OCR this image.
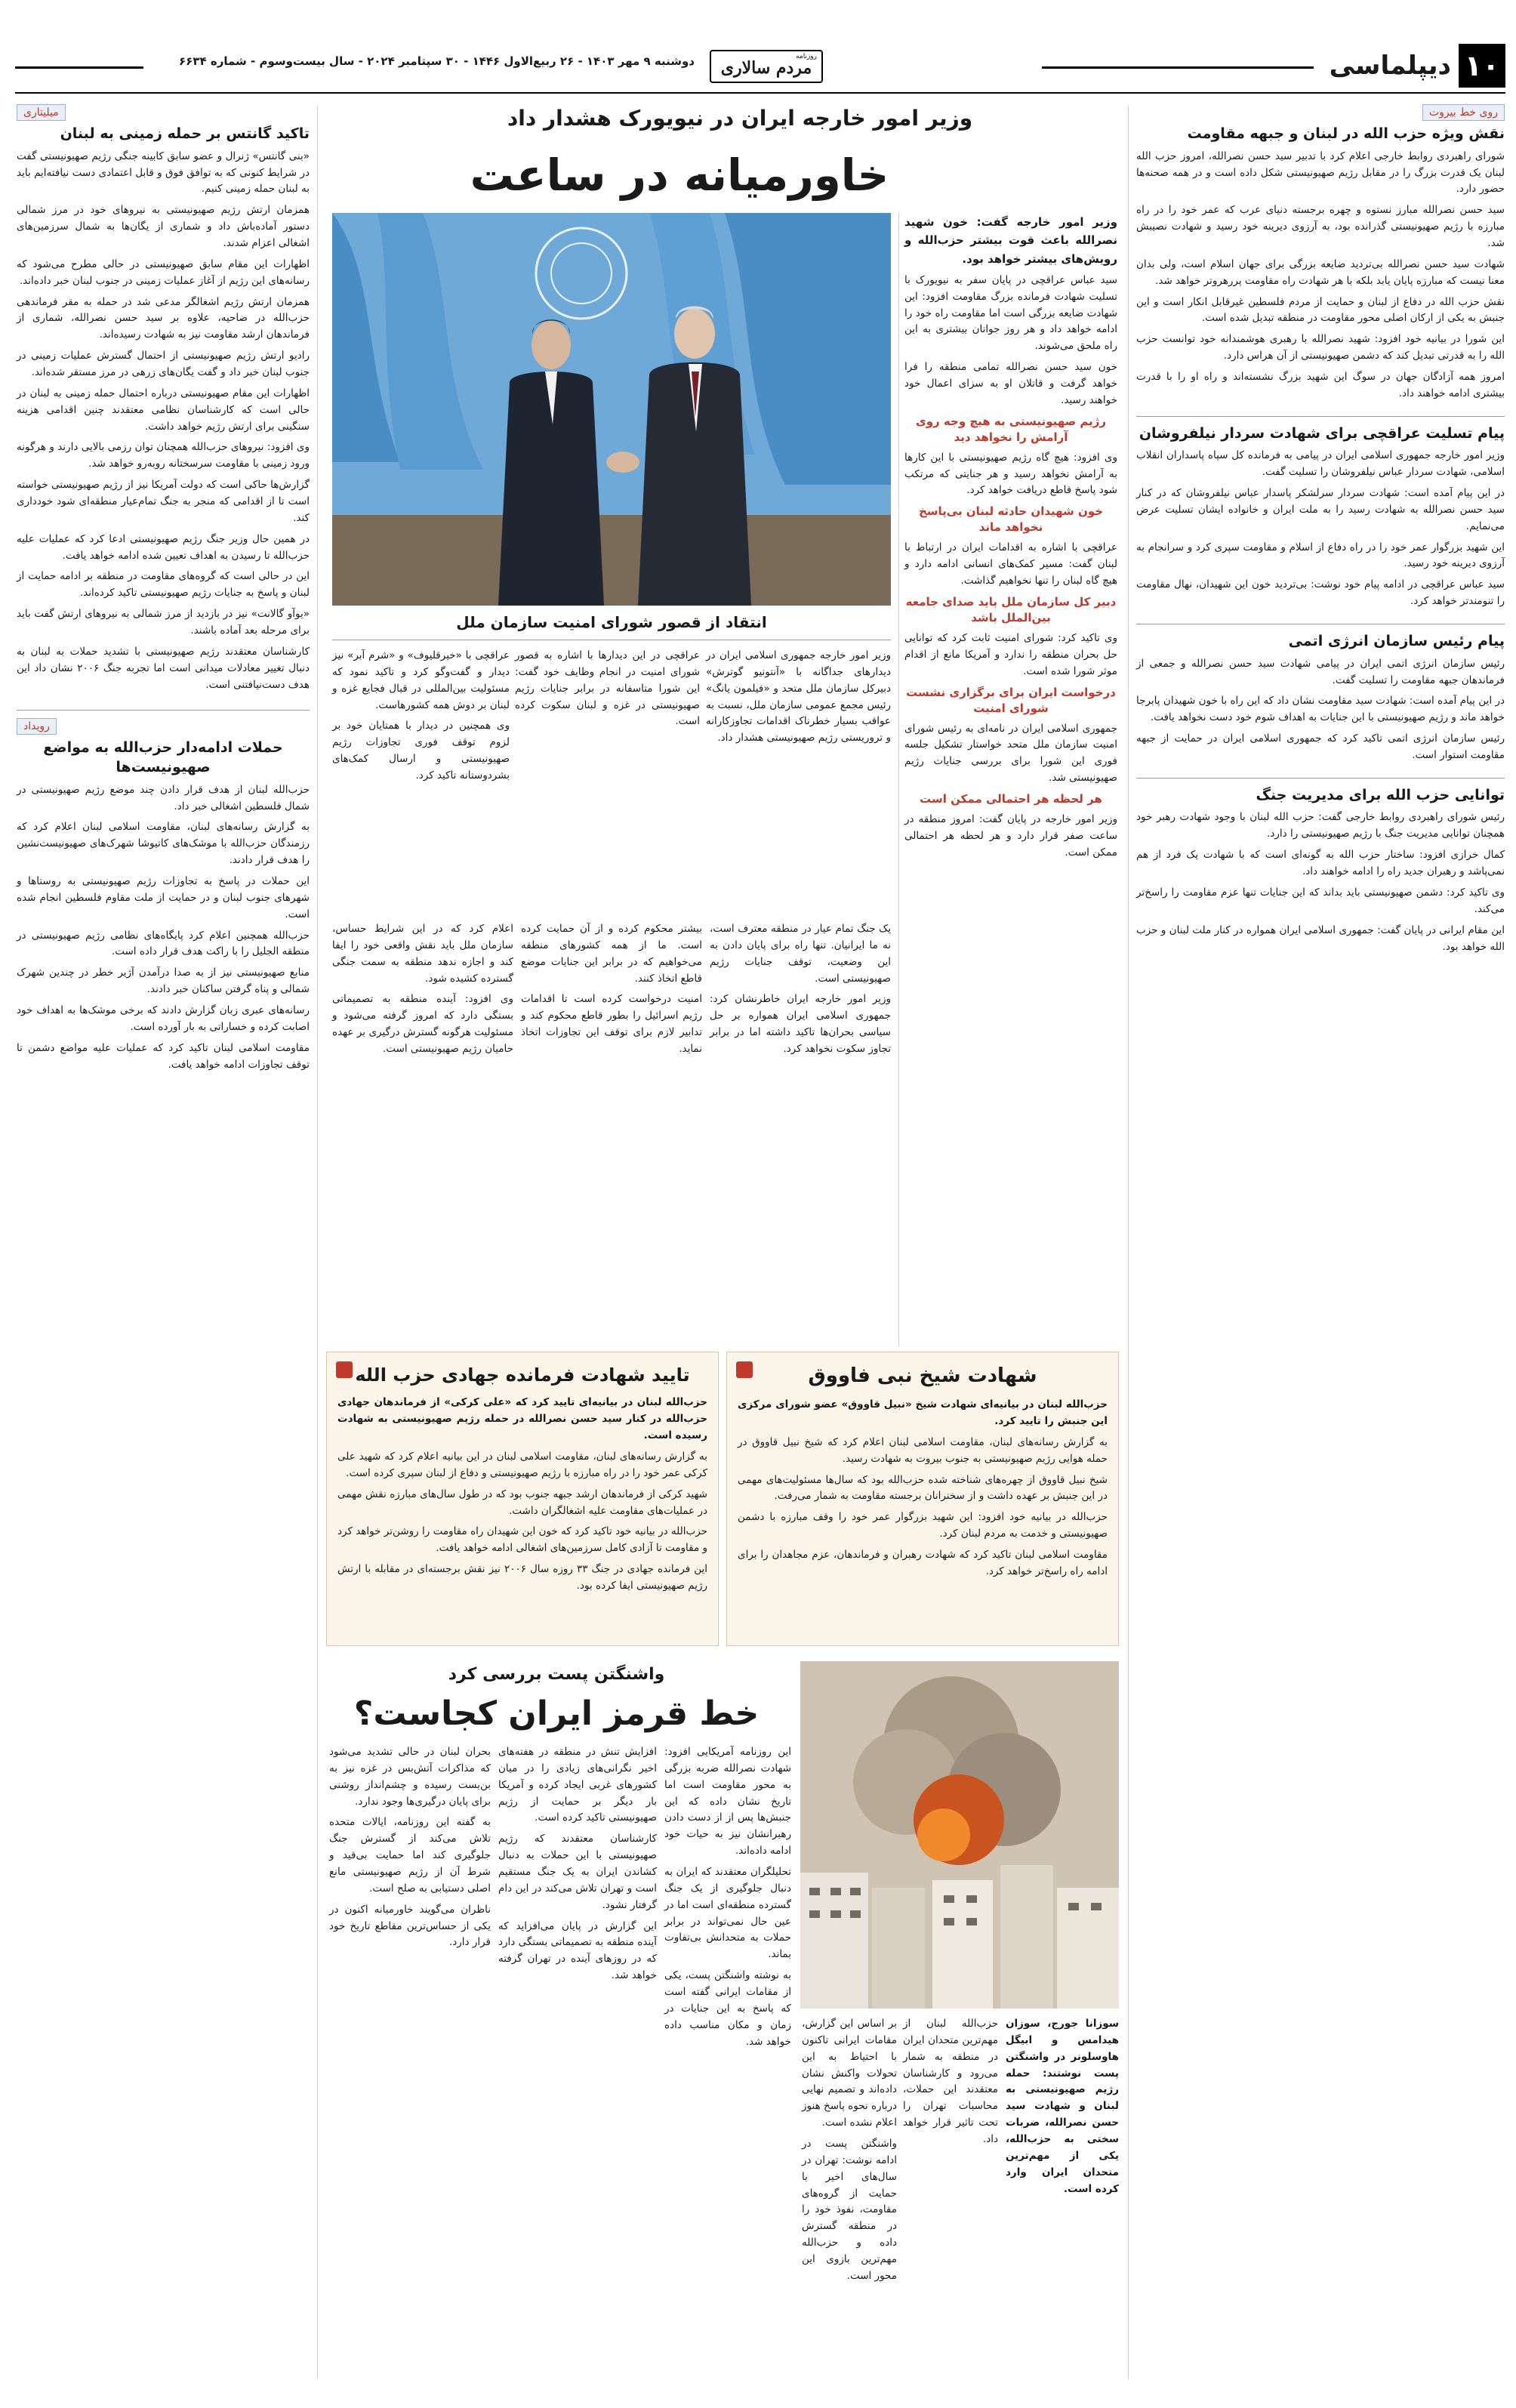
۱۰
دیپلماسی
روزنامه
مردم سالاری
دوشنبه ۹ مهر ۱۴۰۳ - ۲۶ ربیع‌الاول ۱۴۴۶ - ۳۰ سپتامبر ۲۰۲۴ - سال بیست‌وسوم - شماره ۶۶۳۴
روی خط بیروت
نقش ویژه حزب الله در لبنان و جبهه مقاومت

شورای راهبردی روابط خارجی اعلام کرد با تدبیر سید حسن نصرالله، امروز حزب الله لبنان یک قدرت بزرگ را در مقابل رژیم صهیونیستی شکل داده است و در همه صحنه‌ها حضور دارد.

سید حسن نصرالله مبارز نستوه و چهره برجسته دنیای عرب که عمر خود را در راه مبارزه با رژیم صهیونیستی گذرانده بود، به آرزوی دیرینه خود رسید و شهادت نصیبش شد.

شهادت سید حسن نصرالله بی‌تردید ضایعه بزرگی برای جهان اسلام است، ولی بدان معنا نیست که مبارزه پایان یابد بلکه با هر شهادت راه مقاومت پررهروتر خواهد شد.

نقش حزب الله در دفاع از لبنان و حمایت از مردم فلسطین غیرقابل انکار است و این جنبش به یکی از ارکان اصلی محور مقاومت در منطقه تبدیل شده است.

این شورا در بیانیه خود افزود: شهید نصرالله با رهبری هوشمندانه خود توانست حزب الله را به قدرتی تبدیل کند که دشمن صهیونیستی از آن هراس دارد.

امروز همه آزادگان جهان در سوگ این شهید بزرگ نشسته‌اند و راه او را با قدرت بیشتری ادامه خواهند داد.

پیام تسلیت عراقچی برای شهادت سردار نیلفروشان

وزیر امور خارجه جمهوری اسلامی ایران در پیامی به فرمانده کل سپاه پاسداران انقلاب اسلامی، شهادت سردار عباس نیلفروشان را تسلیت گفت.

در این پیام آمده است: شهادت سردار سرلشکر پاسدار عباس نیلفروشان که در کنار سید حسن نصرالله به شهادت رسید را به ملت ایران و خانواده ایشان تسلیت عرض می‌نمایم.

این شهید بزرگوار عمر خود را در راه دفاع از اسلام و مقاومت سپری کرد و سرانجام به آرزوی دیرینه خود رسید.

سید عباس عراقچی در ادامه پیام خود نوشت: بی‌تردید خون این شهیدان، نهال مقاومت را تنومندتر خواهد کرد.

پیام رئیس سازمان انرژی اتمی

رئیس سازمان انرژی اتمی ایران در پیامی شهادت سید حسن نصرالله و جمعی از فرماندهان جبهه مقاومت را تسلیت گفت.

در این پیام آمده است: شهادت سید مقاومت نشان داد که این راه با خون شهیدان پابرجا خواهد ماند و رژیم صهیونیستی با این جنایات به اهداف شوم خود دست نخواهد یافت.

رئیس سازمان انرژی اتمی تاکید کرد که جمهوری اسلامی ایران در حمایت از جبهه مقاومت استوار است.

توانایی حزب الله برای مدیریت جنگ

رئیس شورای راهبردی روابط خارجی گفت: حزب الله لبنان با وجود شهادت رهبر خود همچنان توانایی مدیریت جنگ با رژیم صهیونیستی را دارد.

کمال خرازی افزود: ساختار حزب الله به گونه‌ای است که با شهادت یک فرد از هم نمی‌پاشد و رهبران جدید راه را ادامه خواهند داد.

وی تاکید کرد: دشمن صهیونیستی باید بداند که این جنایات تنها عزم مقاومت را راسخ‌تر می‌کند.

این مقام ایرانی در پایان گفت: جمهوری اسلامی ایران همواره در کنار ملت لبنان و حزب الله خواهد بود.

میلیتاری
تاکید گانتس بر حمله زمینی به لبنان

«بنی گانتس» ژنرال و عضو سابق کابینه جنگی رژیم صهیونیستی گفت در شرایط کنونی که به توافق فوق و قابل اعتمادی دست نیافته‌ایم باید به لبنان حمله زمینی کنیم.

همزمان ارتش رژیم صهیونیستی به نیروهای خود در مرز شمالی دستور آماده‌باش داد و شماری از یگان‌ها به شمال سرزمین‌های اشغالی اعزام شدند.

اظهارات این مقام سابق صهیونیستی در حالی مطرح می‌شود که رسانه‌های این رژیم از آغاز عملیات زمینی در جنوب لبنان خبر داده‌اند.

همزمان ارتش رژیم اشغالگر مدعی شد در حمله به مقر فرماندهی حزب‌الله در ضاحیه، علاوه بر سید حسن نصرالله، شماری از فرماندهان ارشد مقاومت نیز به شهادت رسیده‌اند.

رادیو ارتش رژیم صهیونیستی از احتمال گسترش عملیات زمینی در جنوب لبنان خبر داد و گفت یگان‌های زرهی در مرز مستقر شده‌اند.

اظهارات این مقام صهیونیستی درباره احتمال حمله زمینی به لبنان در حالی است که کارشناسان نظامی معتقدند چنین اقدامی هزینه سنگینی برای ارتش رژیم خواهد داشت.

وی افزود: نیروهای حزب‌الله همچنان توان رزمی بالایی دارند و هرگونه ورود زمینی با مقاومت سرسختانه روبه‌رو خواهد شد.

گزارش‌ها حاکی است که دولت آمریکا نیز از رژیم صهیونیستی خواسته است تا از اقدامی که منجر به جنگ تمام‌عیار منطقه‌ای شود خودداری کند.

در همین حال وزیر جنگ رژیم صهیونیستی ادعا کرد که عملیات علیه حزب‌الله تا رسیدن به اهداف تعیین شده ادامه خواهد یافت.

این در حالی است که گروه‌های مقاومت در منطقه بر ادامه حمایت از لبنان و پاسخ به جنایات رژیم صهیونیستی تاکید کرده‌اند.

«یوآو گالانت» نیز در بازدید از مرز شمالی به نیروهای ارتش گفت باید برای مرحله بعد آماده باشند.

کارشناسان معتقدند رژیم صهیونیستی با تشدید حملات به لبنان به دنبال تغییر معادلات میدانی است اما تجربه جنگ ۲۰۰۶ نشان داد این هدف دست‌نیافتنی است.

رویداد
حملات ادامه‌دار حزب‌الله به مواضع صهیونیست‌ها

حزب‌الله لبنان از هدف قرار دادن چند موضع رژیم صهیونیستی در شمال فلسطین اشغالی خبر داد.

به گزارش رسانه‌های لبنان، مقاومت اسلامی لبنان اعلام کرد که رزمندگان حزب‌الله با موشک‌های کاتیوشا شهرک‌های صهیونیست‌نشین را هدف قرار دادند.

این حملات در پاسخ به تجاوزات رژیم صهیونیستی به روستاها و شهرهای جنوب لبنان و در حمایت از ملت مقاوم فلسطین انجام شده است.

حزب‌الله همچنین اعلام کرد پایگاه‌های نظامی رژیم صهیونیستی در منطقه الجلیل را با راکت هدف قرار داده است.

منابع صهیونیستی نیز از به صدا درآمدن آژیر خطر در چندین شهرک شمالی و پناه گرفتن ساکنان خبر دادند.

رسانه‌های عبری زبان گزارش دادند که برخی موشک‌ها به اهداف خود اصابت کرده و خساراتی به بار آورده است.

مقاومت اسلامی لبنان تاکید کرد که عملیات علیه مواضع دشمن تا توقف تجاوزات ادامه خواهد یافت.

وزیر امور خارجه ایران در نیویورک هشدار داد
خاورمیانه در ساعت

وزیر امور خارجه گفت: خون شهید نصرالله باعث قوت بیشتر حزب‌الله و رویش‌های بیشتر خواهد بود.

سید عباس عراقچی در پایان سفر به نیویورک با تسلیت شهادت فرمانده بزرگ مقاومت افزود: این شهادت ضایعه بزرگی است اما مقاومت راه خود را ادامه خواهد داد و هر روز جوانان بیشتری به این راه ملحق می‌شوند.

خون سید حسن نصرالله تمامی منطقه را فرا خواهد گرفت و قاتلان او به سزای اعمال خود خواهند رسید.

رژیم صهیونیستی به هیچ وجه روی آرامش را نخواهد دید

وی افزود: هیچ گاه رژیم صهیونیستی با این کارها به آرامش نخواهد رسید و هر جنایتی که مرتکب شود پاسخ قاطع دریافت خواهد کرد.

خون شهیدان حادثه لبنان بی‌پاسخ نخواهد ماند

عراقچی با اشاره به اقدامات ایران در ارتباط با لبنان گفت: مسیر کمک‌های انسانی ادامه دارد و هیچ گاه لبنان را تنها نخواهیم گذاشت.

دبیر کل سازمان ملل باید صدای جامعه بین‌الملل باشد

وی تاکید کرد: شورای امنیت ثابت کرد که توانایی حل بحران منطقه را ندارد و آمریکا مانع از اقدام موثر شورا شده است.

درخواست ایران برای برگزاری نشست شورای امنیت

جمهوری اسلامی ایران در نامه‌ای به رئیس شورای امنیت سازمان ملل متحد خواستار تشکیل جلسه فوری این شورا برای بررسی جنایات رژیم صهیونیستی شد.

هر لحظه هر احتمالی ممکن است

وزیر امور خارجه در پایان گفت: امروز منطقه در ساعت صفر قرار دارد و هر لحظه هر احتمالی ممکن است.

انتقاد از قصور شورای امنیت سازمان ملل

وزیر امور خارجه جمهوری اسلامی ایران در دیدارهای جداگانه با «آنتونیو گوترش» دبیرکل سازمان ملل متحد و «فیلمون یانگ» رئیس مجمع عمومی سازمان ملل، نسبت به عواقب بسیار خطرناک اقدامات تجاوزکارانه و تروریستی رژیم صهیونیستی هشدار داد.

عراقچی در این دیدارها با اشاره به قصور شورای امنیت در انجام وظایف خود گفت: این شورا متاسفانه در برابر جنایات رژیم صهیونیستی در غزه و لبنان سکوت کرده است.

عراقچی با «خیرقلیوف» و «شرم آبر» نیز دیدار و گفت‌وگو کرد و تاکید نمود که مسئولیت بین‌المللی در قبال فجایع غزه و لبنان بر دوش همه کشورهاست.

وی همچنین در دیدار با همتایان خود بر لزوم توقف فوری تجاوزات رژیم صهیونیستی و ارسال کمک‌های بشردوستانه تاکید کرد.

یک جنگ تمام عیار در منطقه معترف است، نه ما ایرانیان. تنها راه برای پایان دادن به این وضعیت، توقف جنایات رژیم صهیونیستی است.

وزیر امور خارجه ایران خاطرنشان کرد: جمهوری اسلامی ایران همواره بر حل سیاسی بحران‌ها تاکید داشته اما در برابر تجاوز سکوت نخواهد کرد.

بیشتر محکوم کرده و از آن حمایت کرده است. ما از همه کشورهای منطقه می‌خواهیم که در برابر این جنایات موضع قاطع اتخاذ کنند.

امنیت درخواست کرده است تا اقدامات رژیم اسرائیل را بطور قاطع محکوم کند و تدابیر لازم برای توقف این تجاوزات اتخاذ نماید.

اعلام کرد که در این شرایط حساس، سازمان ملل باید نقش واقعی خود را ایفا کند و اجازه ندهد منطقه به سمت جنگی گسترده کشیده شود.

وی افزود: آینده منطقه به تصمیماتی بستگی دارد که امروز گرفته می‌شود و مسئولیت هرگونه گسترش درگیری بر عهده حامیان رژیم صهیونیستی است.

شهادت شیخ نبی فاووق

حزب‌الله لبنان در بیانیه‌ای شهادت شیخ «نبیل قاووق» عضو شورای مرکزی این جنبش را تایید کرد.

به گزارش رسانه‌های لبنان، مقاومت اسلامی لبنان اعلام کرد که شیخ نبیل قاووق در حمله هوایی رژیم صهیونیستی به جنوب بیروت به شهادت رسید.

شیخ نبیل قاووق از چهره‌های شناخته شده حزب‌الله بود که سال‌ها مسئولیت‌های مهمی در این جنبش بر عهده داشت و از سخنرانان برجسته مقاومت به شمار می‌رفت.

حزب‌الله در بیانیه خود افزود: این شهید بزرگوار عمر خود را وقف مبارزه با دشمن صهیونیستی و خدمت به مردم لبنان کرد.

مقاومت اسلامی لبنان تاکید کرد که شهادت رهبران و فرماندهان، عزم مجاهدان را برای ادامه راه راسخ‌تر خواهد کرد.

تایید شهادت فرمانده جهادی حزب الله

حزب‌الله لبنان در بیانیه‌ای تایید کرد که «علی کرکی» از فرماندهان جهادی حزب‌الله در کنار سید حسن نصرالله در حمله رژیم صهیونیستی به شهادت رسیده است.

به گزارش رسانه‌های لبنان، مقاومت اسلامی لبنان در این بیانیه اعلام کرد که شهید علی کرکی عمر خود را در راه مبارزه با رژیم صهیونیستی و دفاع از لبنان سپری کرده است.

شهید کرکی از فرماندهان ارشد جبهه جنوب بود که در طول سال‌های مبارزه نقش مهمی در عملیات‌های مقاومت علیه اشغالگران داشت.

حزب‌الله در بیانیه خود تاکید کرد که خون این شهیدان راه مقاومت را روشن‌تر خواهد کرد و مقاومت تا آزادی کامل سرزمین‌های اشغالی ادامه خواهد یافت.

این فرمانده جهادی در جنگ ۳۳ روزه سال ۲۰۰۶ نیز نقش برجسته‌ای در مقابله با ارتش رژیم صهیونیستی ایفا کرده بود.

واشنگتن پست بررسی کرد
خط قرمز ایران کجاست؟

سوزانا جورج، سوزان هیدامس و ابیگل هاوسلونر در واشنگتن پست نوشتند: حمله رژیم صهیونیستی به لبنان و شهادت سید حسن نصرالله، ضربات سختی به حزب‌الله، یکی از مهم‌ترین متحدان ایران وارد کرده است.

حزب‌الله لبنان از مهم‌ترین متحدان ایران در منطقه به شمار می‌رود و کارشناسان معتقدند این حملات، محاسبات تهران را تحت تاثیر قرار خواهد داد.

بر اساس این گزارش، مقامات ایرانی تاکنون با احتیاط به این تحولات واکنش نشان داده‌اند و تصمیم نهایی درباره نحوه پاسخ هنوز اعلام نشده است.

واشنگتن پست در ادامه نوشت: تهران در سال‌های اخیر با حمایت از گروه‌های مقاومت، نفوذ خود را در منطقه گسترش داده و حزب‌الله مهم‌ترین بازوی این محور است.

این روزنامه آمریکایی افزود: شهادت نصرالله ضربه بزرگی به محور مقاومت است اما تاریخ نشان داده که این جنبش‌ها پس از از دست دادن رهبرانشان نیز به حیات خود ادامه داده‌اند.

تحلیلگران معتقدند که ایران به دنبال جلوگیری از یک جنگ گسترده منطقه‌ای است اما در عین حال نمی‌تواند در برابر حملات به متحدانش بی‌تفاوت بماند.

به نوشته واشنگتن پست، یکی از مقامات ایرانی گفته است که پاسخ به این جنایات در زمان و مکان مناسب داده خواهد شد.

افزایش تنش در منطقه در هفته‌های اخیر نگرانی‌های زیادی را در میان کشورهای غربی ایجاد کرده و آمریکا بار دیگر بر حمایت از رژیم صهیونیستی تاکید کرده است.

کارشناسان معتقدند که رژیم صهیونیستی با این حملات به دنبال کشاندن ایران به یک جنگ مستقیم است و تهران تلاش می‌کند در این دام گرفتار نشود.

این گزارش در پایان می‌افزاید که آینده منطقه به تصمیماتی بستگی دارد که در روزهای آینده در تهران گرفته خواهد شد.

بحران لبنان در حالی تشدید می‌شود که مذاکرات آتش‌بس در غزه نیز به بن‌بست رسیده و چشم‌انداز روشنی برای پایان درگیری‌ها وجود ندارد.

به گفته این روزنامه، ایالات متحده تلاش می‌کند از گسترش جنگ جلوگیری کند اما حمایت بی‌قید و شرط آن از رژیم صهیونیستی مانع اصلی دستیابی به صلح است.

ناظران می‌گویند خاورمیانه اکنون در یکی از حساس‌ترین مقاطع تاریخ خود قرار دارد.
